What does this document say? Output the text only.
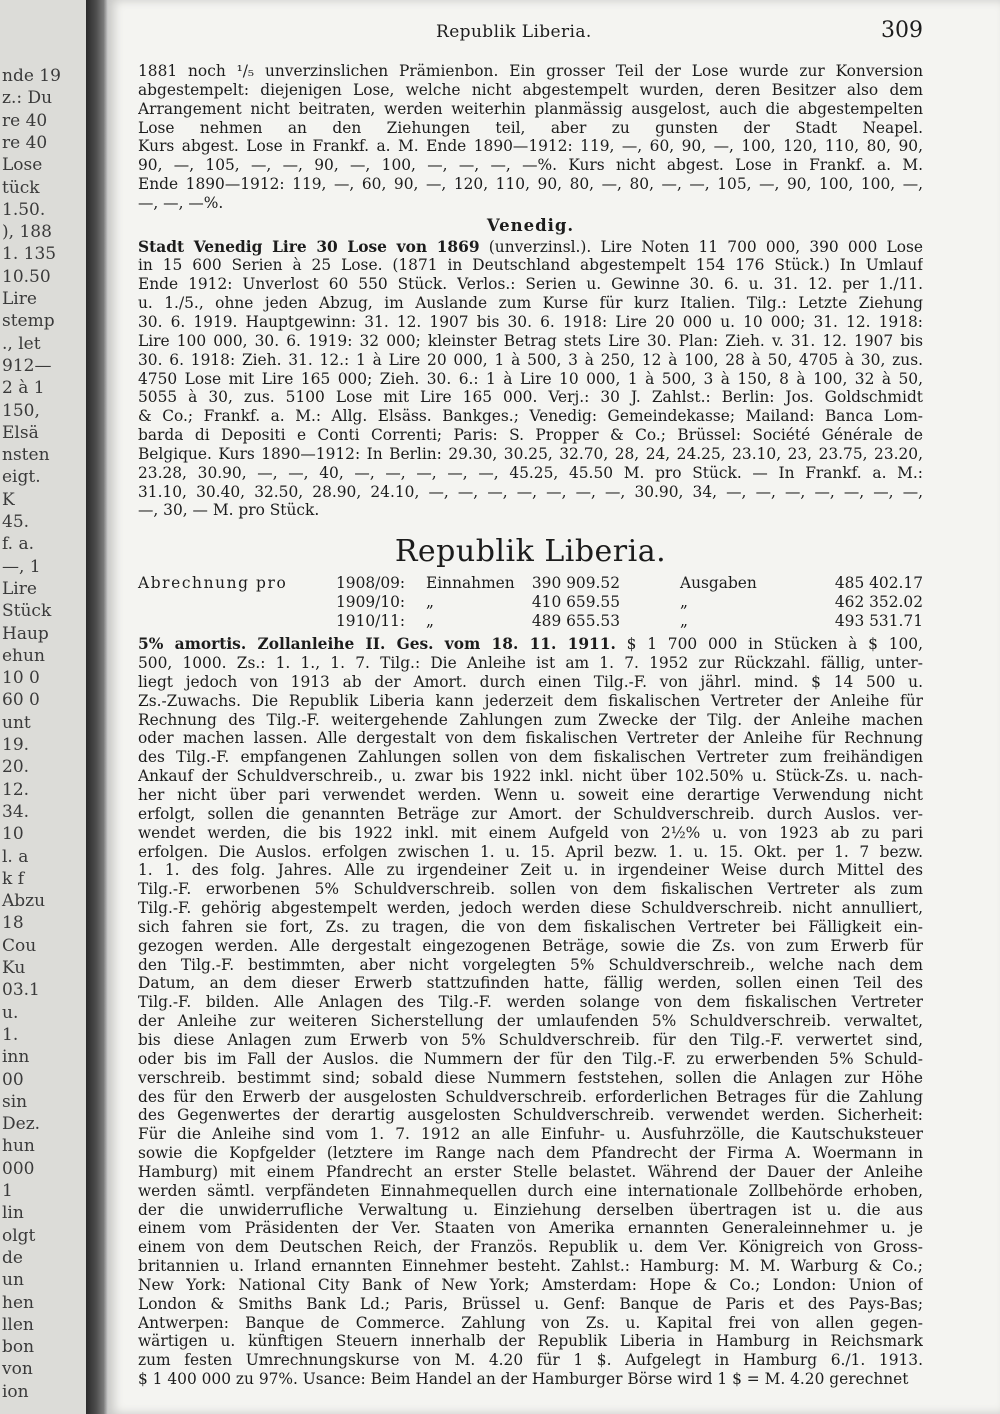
nde 19
z.: Du
re 40
re 40
Lose
tück
1.50.
), 188
1. 135
10.50
Lire
stemp
., let
912—
2 à 1
150,
Elsä
nsten
eigt.
K
45.
f. a.
—, 1
Lire
Stück
Haup
ehun
10 0
60 0
unt
19.
20.
12.
34.
10
l. a
k f
Abzu
18
Cou
Ku
03.1
u.
1.
inn
00
sin
Dez.
hun
000
1
lin
olgt
de
un
hen
llen
bon
von
ion
Republik Liberia.	309
1881 noch ¹/₅ unverzinslichen Prämienbon. Ein grosser Teil der Lose wurde zur Konversion
abgestempelt: diejenigen Lose, welche nicht abgestempelt wurden, deren Besitzer also dem
Arrangement nicht beitraten, werden weiterhin planmässig ausgelost, auch die abgestempelten
Lose nehmen an den Ziehungen teil, aber zu gunsten der Stadt Neapel.
Kurs abgest. Lose in Frankf. a. M. Ende 1890—1912: 119, —, 60, 90, —, 100, 120, 110, 80, 90,
90, —, 105, —, —, 90, —, 100, —, —, —, —%. Kurs nicht abgest. Lose in Frankf. a. M.
Ende 1890—1912: 119, —, 60, 90, —, 120, 110, 90, 80, —, 80, —, —, 105, —, 90, 100, 100, —,
—, —, —%.
Venedig.
Stadt Venedig Lire 30 Lose von 1869 (unverzinsl.). Lire Noten 11 700 000, 390 000 Lose
in 15 600 Serien à 25 Lose. (1871 in Deutschland abgestempelt 154 176 Stück.) In Umlauf
Ende 1912: Unverlost 60 550 Stück. Verlos.: Serien u. Gewinne 30. 6. u. 31. 12. per 1./11.
u. 1./5., ohne jeden Abzug, im Auslande zum Kurse für kurz Italien. Tilg.: Letzte Ziehung
30. 6. 1919. Hauptgewinn: 31. 12. 1907 bis 30. 6. 1918: Lire 20 000 u. 10 000; 31. 12. 1918:
Lire 100 000, 30. 6. 1919: 32 000; kleinster Betrag stets Lire 30. Plan: Zieh. v. 31. 12. 1907 bis
30. 6. 1918: Zieh. 31. 12.: 1 à Lire 20 000, 1 à 500, 3 à 250, 12 à 100, 28 à 50, 4705 à 30, zus.
4750 Lose mit Lire 165 000; Zieh. 30. 6.: 1 à Lire 10 000, 1 à 500, 3 à 150, 8 à 100, 32 à 50,
5055 à 30, zus. 5100 Lose mit Lire 165 000. Verj.: 30 J. Zahlst.: Berlin: Jos. Goldschmidt
& Co.; Frankf. a. M.: Allg. Elsäss. Bankges.; Venedig: Gemeindekasse; Mailand: Banca Lom-
barda di Depositi e Conti Correnti; Paris: S. Propper & Co.; Brüssel: Société Générale de
Belgique. Kurs 1890—1912: In Berlin: 29.30, 30.25, 32.70, 28, 24, 24.25, 23.10, 23, 23.75, 23.20,
23.28, 30.90, —, —, 40, —, —, —, —, —, 45.25, 45.50 M. pro Stück. — In Frankf. a. M.:
31.10, 30.40, 32.50, 28.90, 24.10, —, —, —, —, —, —, —, 30.90, 34, —, —, —, —, —, —, —,
—, 30, — M. pro Stück.
Republik Liberia.
Abrechnung pro	1908/09:	Einnahmen	390 909.52	Ausgaben	485 402.17
	1909/10:	„	410 659.55	„	462 352.02
	1910/11:	„	489 655.53	„	493 531.71
5% amortis. Zollanleihe II. Ges. vom 18. 11. 1911. $ 1 700 000 in Stücken à $ 100,
500, 1000. Zs.: 1. 1., 1. 7. Tilg.: Die Anleihe ist am 1. 7. 1952 zur Rückzahl. fällig, unter-
liegt jedoch von 1913 ab der Amort. durch einen Tilg.-F. von jährl. mind. $ 14 500 u.
Zs.-Zuwachs. Die Republik Liberia kann jederzeit dem fiskalischen Vertreter der Anleihe für
Rechnung des Tilg.-F. weitergehende Zahlungen zum Zwecke der Tilg. der Anleihe machen
oder machen lassen. Alle dergestalt von dem fiskalischen Vertreter der Anleihe für Rechnung
des Tilg.-F. empfangenen Zahlungen sollen von dem fiskalischen Vertreter zum freihändigen
Ankauf der Schuldverschreib., u. zwar bis 1922 inkl. nicht über 102.50% u. Stück-Zs. u. nach-
her nicht über pari verwendet werden. Wenn u. soweit eine derartige Verwendung nicht
erfolgt, sollen die genannten Beträge zur Amort. der Schuldverschreib. durch Auslos. ver-
wendet werden, die bis 1922 inkl. mit einem Aufgeld von 2½% u. von 1923 ab zu pari
erfolgen. Die Auslos. erfolgen zwischen 1. u. 15. April bezw. 1. u. 15. Okt. per 1. 7 bezw.
1. 1. des folg. Jahres. Alle zu irgendeiner Zeit u. in irgendeiner Weise durch Mittel des
Tilg.-F. erworbenen 5% Schuldverschreib. sollen von dem fiskalischen Vertreter als zum
Tilg.-F. gehörig abgestempelt werden, jedoch werden diese Schuldverschreib. nicht annulliert,
sich fahren sie fort, Zs. zu tragen, die von dem fiskalischen Vertreter bei Fälligkeit ein-
gezogen werden. Alle dergestalt eingezogenen Beträge, sowie die Zs. von zum Erwerb für
den Tilg.-F. bestimmten, aber nicht vorgelegten 5% Schuldverschreib., welche nach dem
Datum, an dem dieser Erwerb stattzufinden hatte, fällig werden, sollen einen Teil des
Tilg.-F. bilden. Alle Anlagen des Tilg.-F. werden solange von dem fiskalischen Vertreter
der Anleihe zur weiteren Sicherstellung der umlaufenden 5% Schuldverschreib. verwaltet,
bis diese Anlagen zum Erwerb von 5% Schuldverschreib. für den Tilg.-F. verwertet sind,
oder bis im Fall der Auslos. die Nummern der für den Tilg.-F. zu erwerbenden 5% Schuld-
verschreib. bestimmt sind; sobald diese Nummern feststehen, sollen die Anlagen zur Höhe
des für den Erwerb der ausgelosten Schuldverschreib. erforderlichen Betrages für die Zahlung
des Gegenwertes der derartig ausgelosten Schuldverschreib. verwendet werden. Sicherheit:
Für die Anleihe sind vom 1. 7. 1912 an alle Einfuhr- u. Ausfuhrzölle, die Kautschuksteuer
sowie die Kopfgelder (letztere im Range nach dem Pfandrecht der Firma A. Woermann in
Hamburg) mit einem Pfandrecht an erster Stelle belastet. Während der Dauer der Anleihe
werden sämtl. verpfändeten Einnahmequellen durch eine internationale Zollbehörde erhoben,
der die unwiderrufliche Verwaltung u. Einziehung derselben übertragen ist u. die aus
einem vom Präsidenten der Ver. Staaten von Amerika ernannten Generaleinnehmer u. je
einem von dem Deutschen Reich, der Französ. Republik u. dem Ver. Königreich von Gross-
britannien u. Irland ernannten Einnehmer besteht. Zahlst.: Hamburg: M. M. Warburg & Co.;
New York: National City Bank of New York; Amsterdam: Hope & Co.; London: Union of
London & Smiths Bank Ld.; Paris, Brüssel u. Genf: Banque de Paris et des Pays-Bas;
Antwerpen: Banque de Commerce. Zahlung von Zs. u. Kapital frei von allen gegen-
wärtigen u. künftigen Steuern innerhalb der Republik Liberia in Hamburg in Reichsmark
zum festen Umrechnungskurse von M. 4.20 für 1 $. Aufgelegt in Hamburg 6./1. 1913.
$ 1 400 000 zu 97%. Usance: Beim Handel an der Hamburger Börse wird 1 $ = M. 4.20 gerechnet
